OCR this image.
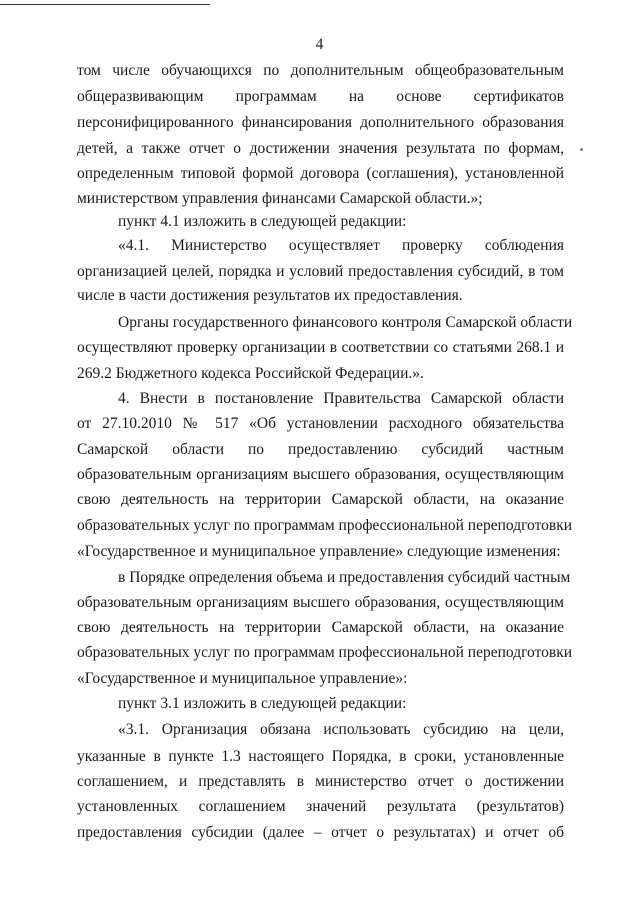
4
том числе обучающихся по дополнительным общеобразовательным
общеразвивающим программам на основе сертификатов
персонифицированного финансирования дополнительного образования
детей, а также отчет о достижении значения результата по формам,
определенным типовой формой договора (соглашения), установленной
министерством управления финансами Самарской области.»;
пункт 4.1 изложить в следующей редакции:
«4.1. Министерство осуществляет проверку соблюдения
организацией целей, порядка и условий предоставления субсидий, в том
числе в части достижения результатов их предоставления.
Органы государственного финансового контроля Самарской области
осуществляют проверку организации в соответствии со статьями 268.1 и
269.2 Бюджетного кодекса Российской Федерации.».
4. Внести в постановление Правительства Самарской области
от 27.10.2010 № 517 «Об установлении расходного обязательства
Самарской области по предоставлению субсидий частным
образовательным организациям высшего образования, осуществляющим
свою деятельность на территории Самарской области, на оказание
образовательных услуг по программам профессиональной переподготовки
«Государственное и муниципальное управление» следующие изменения:
в Порядке определения объема и предоставления субсидий частным
образовательным организациям высшего образования, осуществляющим
свою деятельность на территории Самарской области, на оказание
образовательных услуг по программам профессиональной переподготовки
«Государственное и муниципальное управление»:
пункт 3.1 изложить в следующей редакции:
«3.1. Организация обязана использовать субсидию на цели,
указанные в пункте 1.3 настоящего Порядка, в сроки, установленные
соглашением, и представлять в министерство отчет о достижении
установленных соглашением значений результата (результатов)
предоставления субсидии (далее – отчет о результатах) и отчет об
